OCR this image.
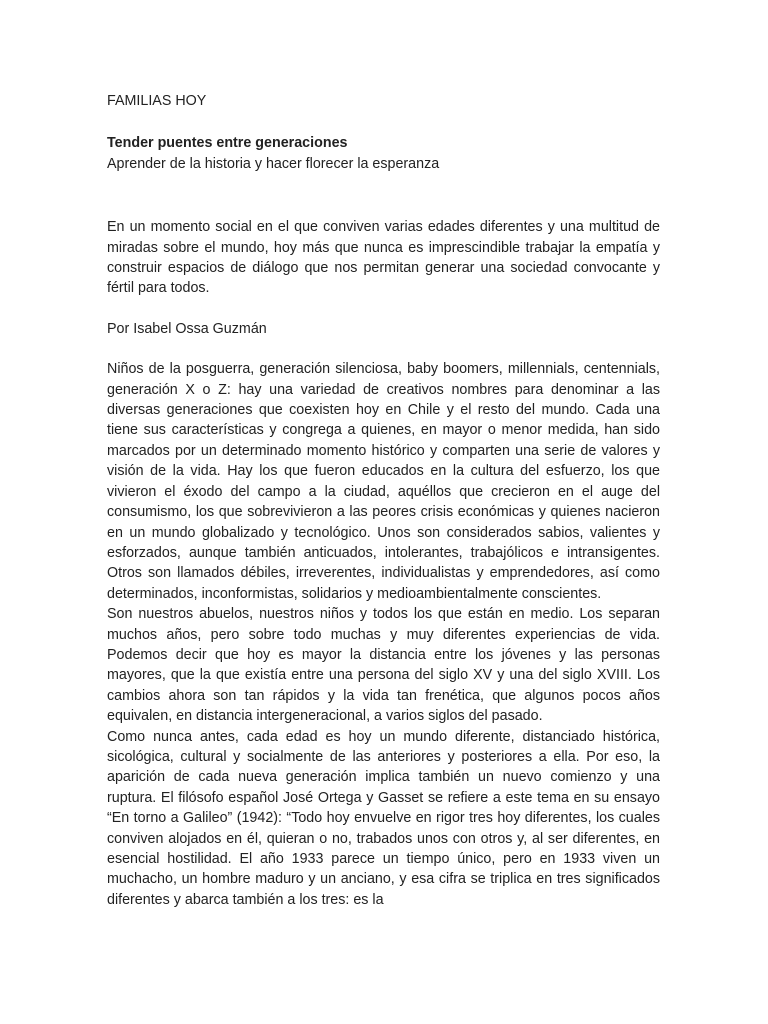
FAMILIAS HOY

Tender puentes entre generaciones

Aprender de la historia y hacer florecer la esperanza

En un momento social en el que conviven varias edades diferentes y una multitud de miradas sobre el mundo, hoy más que nunca es imprescindible trabajar la empatía y construir espacios de diálogo que nos permitan generar una sociedad convocante y fértil para todos.

Por Isabel Ossa Guzmán

Niños de la posguerra, generación silenciosa, baby boomers, millennials, centennials, generación X o Z: hay una variedad de creativos nombres para denominar a las diversas generaciones que coexisten hoy en Chile y el resto del mundo. Cada una tiene sus características y congrega a quienes, en mayor o menor medida, han sido marcados por un determinado momento histórico y comparten una serie de valores y visión de la vida. Hay los que fueron educados en la cultura del esfuerzo, los que vivieron el éxodo del campo a la ciudad, aquéllos que crecieron en el auge del consumismo, los que sobrevivieron a las peores crisis económicas y quienes nacieron en un mundo globalizado y tecnológico. Unos son considerados sabios, valientes y esforzados, aunque también anticuados, intolerantes, trabajólicos e intransigentes. Otros son llamados débiles, irreverentes, individualistas y emprendedores, así como determinados, inconformistas, solidarios y medioambientalmente conscientes.

Son nuestros abuelos, nuestros niños y todos los que están en medio. Los separan muchos años, pero sobre todo muchas y muy diferentes experiencias de vida. Podemos decir que hoy es mayor la distancia entre los jóvenes y las personas mayores, que la que existía entre una persona del siglo XV y una del siglo XVIII. Los cambios ahora son tan rápidos y la vida tan frenética, que algunos pocos años equivalen, en distancia intergeneracional, a varios siglos del pasado.

Como nunca antes, cada edad es hoy un mundo diferente, distanciado histórica, sicológica, cultural y socialmente de las anteriores y posteriores a ella. Por eso, la aparición de cada nueva generación implica también un nuevo comienzo y una ruptura. El filósofo español José Ortega y Gasset se refiere a este tema en su ensayo “En torno a Galileo” (1942): “Todo hoy envuelve en rigor tres hoy diferentes, los cuales conviven alojados en él, quieran o no, trabados unos con otros y, al ser diferentes, en esencial hostilidad. El año 1933 parece un tiempo único, pero en 1933 viven un muchacho, un hombre maduro y un anciano, y esa cifra se triplica en tres significados diferentes y abarca también a los tres: es la
